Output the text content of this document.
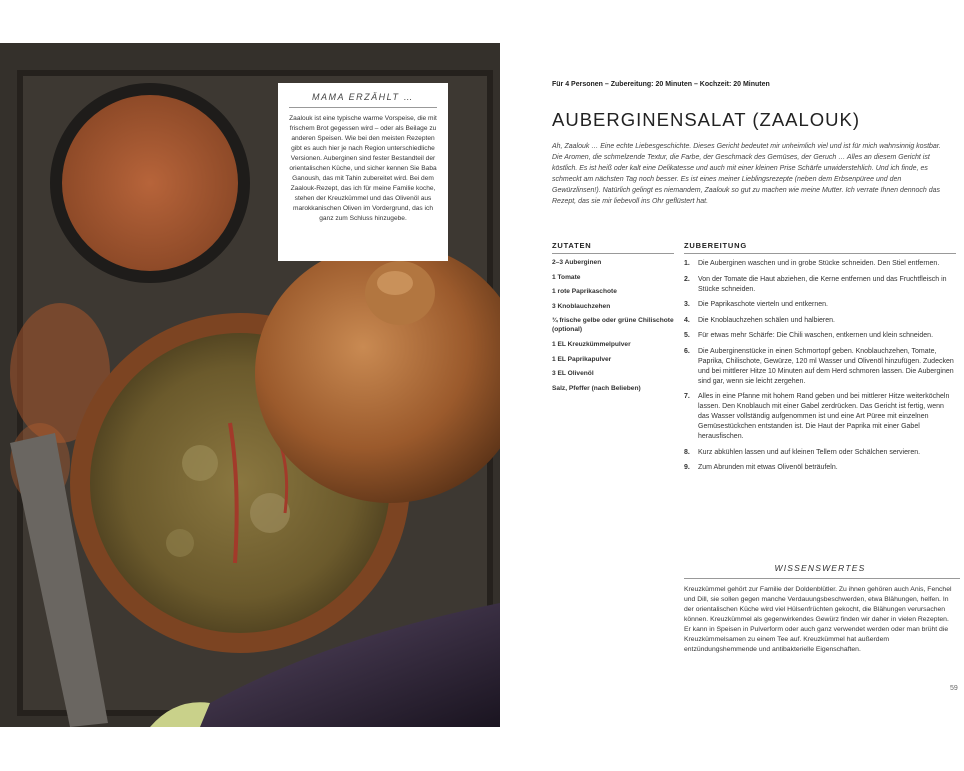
MAMA ERZÄHLT …
Zaalouk ist eine typische warme Vorspeise, die mit frischem Brot gegessen wird – oder als Beilage zu anderen Speisen. Wie bei den meisten Rezepten gibt es auch hier je nach Region unterschiedliche Versionen. Auberginen sind fester Bestandteil der orientalischen Küche, und sicher kennen Sie Baba Ganoush, das mit Tahin zubereitet wird. Bei dem Zaalouk-Rezept, das ich für meine Familie koche, stehen der Kreuzkümmel und das Olivenöl aus marokkanischen Oliven im Vordergrund, das ich ganz zum Schluss hinzugebe.
Für 4 Personen – Zubereitung: 20 Minuten – Kochzeit: 20 Minuten
AUBERGINENSALAT (ZAALOUK)
Ah, Zaalouk … Eine echte Liebesgeschichte. Dieses Gericht bedeutet mir unheimlich viel und ist für mich wahnsinnig kostbar. Die Aromen, die schmelzende Textur, die Farbe, der Geschmack des Gemüses, der Geruch … Alles an diesem Gericht ist köstlich. Es ist heiß oder kalt eine Delikatesse und auch mit einer kleinen Prise Schärfe unwiderstehlich. Und ich finde, es schmeckt am nächsten Tag noch besser. Es ist eines meiner Lieblingsrezepte (neben dem Erbsenpüree und den Gewürzlinsen!). Natürlich gelingt es niemandem, Zaalouk so gut zu machen wie meine Mutter. Ich verrate Ihnen dennoch das Rezept, das sie mir liebevoll ins Ohr geflüstert hat.
ZUTATEN	ZUBEREITUNG
2–3 Auberginen
1 Tomate
1 rote Paprikaschote
3 Knoblauchzehen
¾ frische gelbe oder grüne Chilischote (optional)
1 EL Kreuzkümmelpulver
1 EL Paprikapulver
3 EL Olivenöl
Salz, Pfeffer (nach Belieben)
1. Die Auberginen waschen und in grobe Stücke schneiden. Den Stiel entfernen.
2. Von der Tomate die Haut abziehen, die Kerne entfernen und das Fruchtfleisch in Stücke schneiden.
3. Die Paprikaschote vierteln und entkernen.
4. Die Knoblauchzehen schälen und halbieren.
5. Für etwas mehr Schärfe: Die Chili waschen, entkernen und klein schneiden.
6. Die Auberginenstücke in einen Schmortopf geben. Knoblauchzehen, Tomate, Paprika, Chilischote, Gewürze, 120 ml Wasser und Olivenöl hinzufügen. Zudecken und bei mittlerer Hitze 10 Minuten auf dem Herd schmoren lassen. Die Auberginen sind gar, wenn sie leicht zergehen.
7. Alles in eine Pfanne mit hohem Rand geben und bei mittlerer Hitze weiterköcheln lassen. Den Knoblauch mit einer Gabel zerdrücken. Das Gericht ist fertig, wenn das Wasser vollständig aufgenommen ist und eine Art Püree mit einzelnen Gemüsestückchen entstanden ist. Die Haut der Paprika mit einer Gabel herausfischen.
8. Kurz abkühlen lassen und auf kleinen Tellern oder Schälchen servieren.
9. Zum Abrunden mit etwas Olivenöl beträufeln.
WISSENSWERTES
Kreuzkümmel gehört zur Familie der Doldenblütler. Zu ihnen gehören auch Anis, Fenchel und Dill, sie sollen gegen manche Verdauungsbeschwerden, etwa Blähungen, helfen. In der orientalischen Küche wird viel Hülsenfrüchten gekocht, die Blähungen verursachen können. Kreuzkümmel als gegenwirkendes Gewürz finden wir daher in vielen Rezepten. Er kann in Speisen in Pulverform oder auch ganz verwendet werden oder man brüht die Kreuzkümmelsamen zu einem Tee auf. Kreuzkümmel hat außerdem entzündungshemmende und antibakterielle Eigenschaften.
59
